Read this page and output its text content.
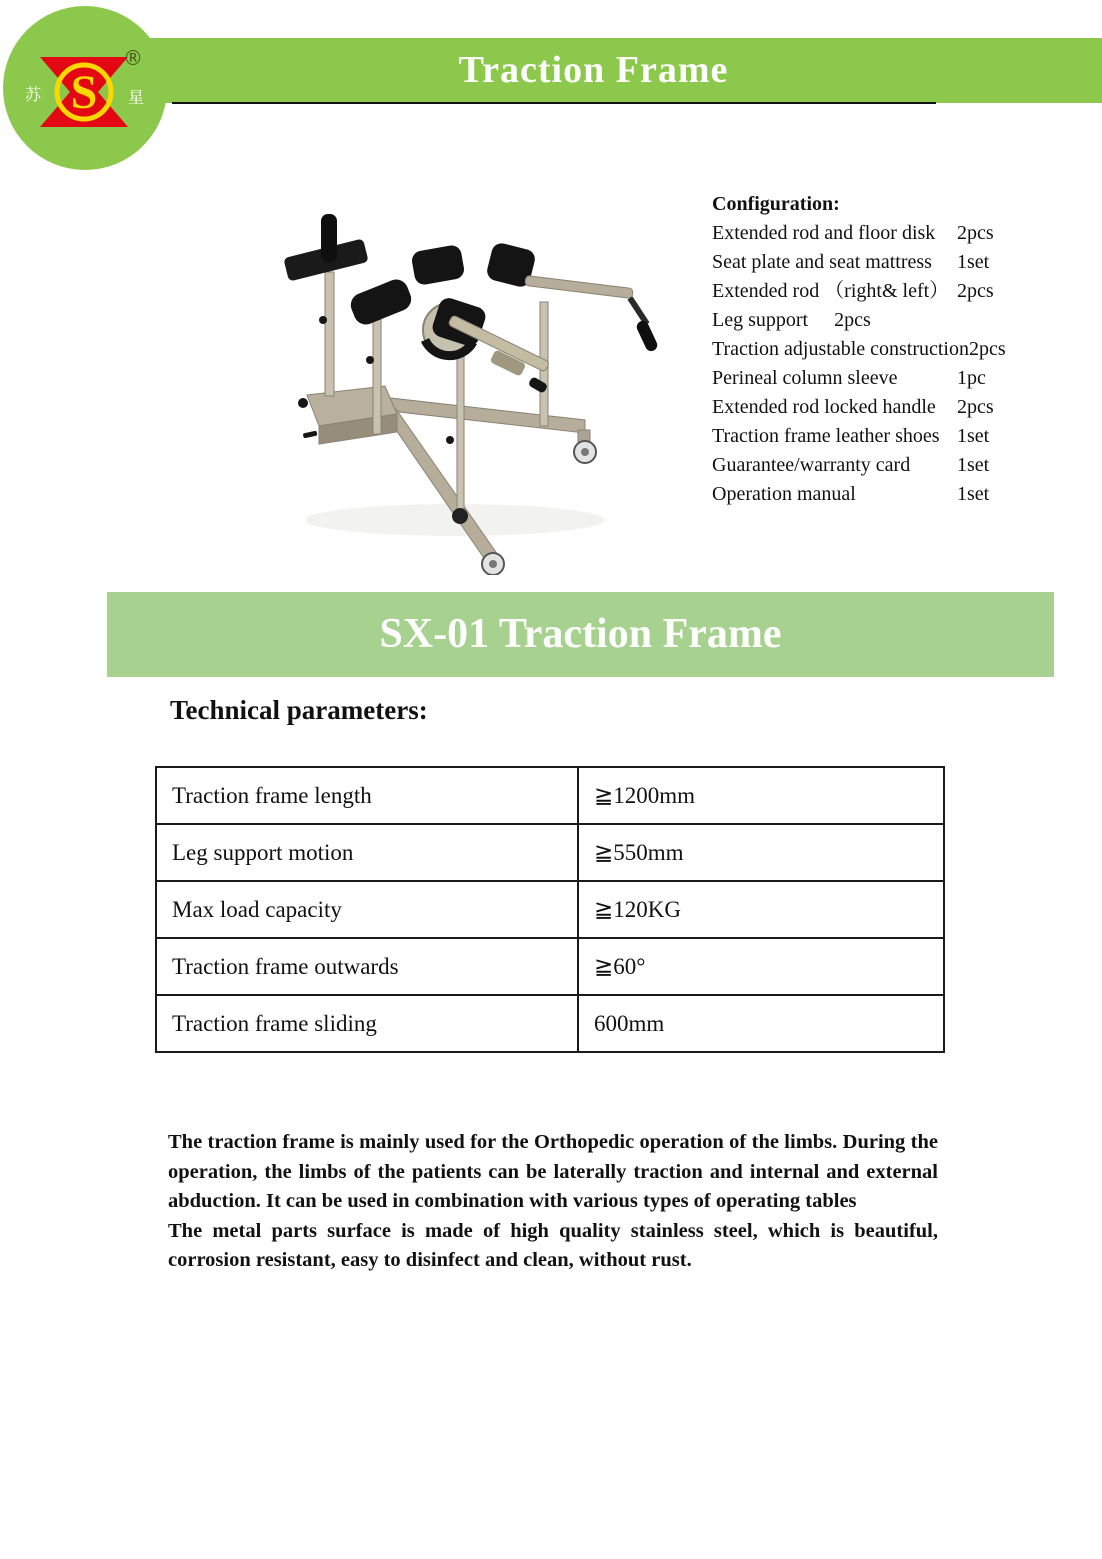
Traction Frame
S
苏	星
®
Configuration:
Extended rod and floor disk 2pcs
Seat plate and seat mattress 1set
Extended rod （right& left） 2pcs
Leg support 2pcs
Traction adjustable construction2pcs
Perineal column sleeve	1pc
Extended rod locked handle 2pcs
Traction frame leather shoes 1set
Guarantee/warranty card 1set
Operation manual	1set
SX-01 Traction Frame
Technical parameters:
Traction frame length	≧1200mm
Leg support motion	≧550mm
Max load capacity	≧120KG
Traction frame outwards	≧60°
Traction frame sliding	600mm

The traction frame is mainly used for the Orthopedic operation of the limbs. During the operation, the limbs of the patients can be laterally traction and internal and external abduction. It can be used in combination with various types of operating tables

The metal parts surface is made of high quality stainless steel, which is beautiful, corrosion resistant, easy to disinfect and clean, without rust.
